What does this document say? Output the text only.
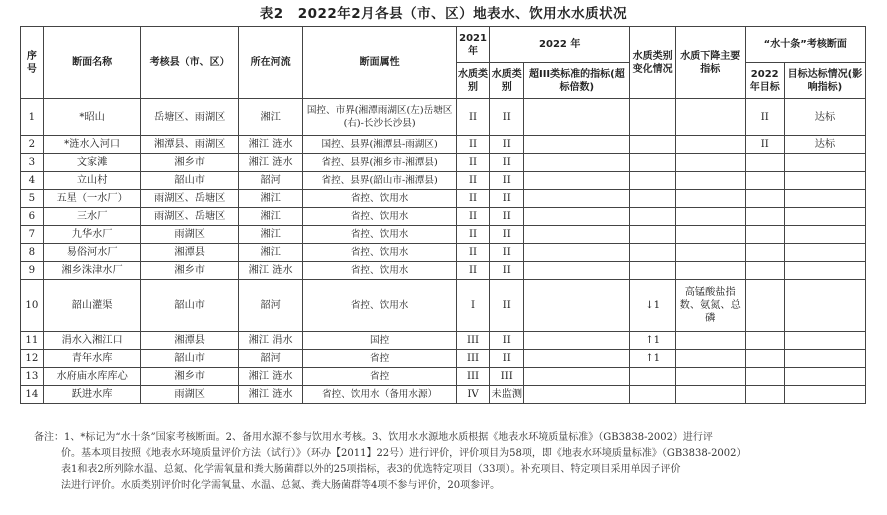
表2　2022年2月各县（市、区）地表水、饮用水水质状况
序号	断面名称	考核县（市、区）	所在河流	断面属性	2021年	2022 年		水质类别变化情况	水质下降主要指标	“水十条”考核断面	
					水质类别	水质类别	超III类标准的指标(超标倍数)			2022年目标	目标达标情况(影响指标)
1	*昭山	岳塘区、雨湖区	湘江	国控、市界(湘潭雨湖区(左)岳塘区(右)-长沙长沙县)	II	II				II	达标
2	*涟水入河口	湘潭县、雨湖区	湘江 涟水	国控、县界(湘潭县-雨湖区)	II	II				II	达标
3	文家滩	湘乡市	湘江 涟水	省控、县界(湘乡市-湘潭县)	II	II					
4	立山村	韶山市	韶河	省控、县界(韶山市-湘潭县)	II	II					
5	五星（一水厂）	雨湖区、岳塘区	湘江	省控、饮用水	II	II					
6	三水厂	雨湖区、岳塘区	湘江	省控、饮用水	II	II					
7	九华水厂	雨湖区	湘江	省控、饮用水	II	II					
8	易俗河水厂	湘潭县	湘江	省控、饮用水	II	II					
9	湘乡洙津水厂	湘乡市	湘江 涟水	省控、饮用水	II	II					
10	韶山灌渠	韶山市	韶河	省控、饮用水	I	II		↓1	高锰酸盐指数、氨氮、总磷		
11	涓水入湘江口	湘潭县	湘江 涓水	国控	III	II		↑1			
12	青年水库	韶山市	韶河	省控	III	II		↑1			
13	水府庙水库库心	湘乡市	湘江 涟水	省控	III	III					
14	跃进水库	雨湖区	湘江 涟水	省控、饮用水（备用水源）	IV	未监测					
备注：1、*标记为“水十条”国家考核断面。2、备用水源不参与饮用水考核。3、饮用水水源地水质根据《地表水环境质量标准》（GB3838-2002）进行评
价。基本项目按照《地表水环境质量评价方法（试行）》（环办【2011】22号）进行评价，评价项目为58项，即《地表水环境质量标准》（GB3838-2002）
表1和表2所列除水温、总氮、化学需氧量和粪大肠菌群以外的25项指标，表3的优选特定项目（33项）。补充项目、特定项目采用单因子评价
法进行评价。水质类别评价时化学需氧量、水温、总氮、粪大肠菌群等4项不参与评价，20项参评。
